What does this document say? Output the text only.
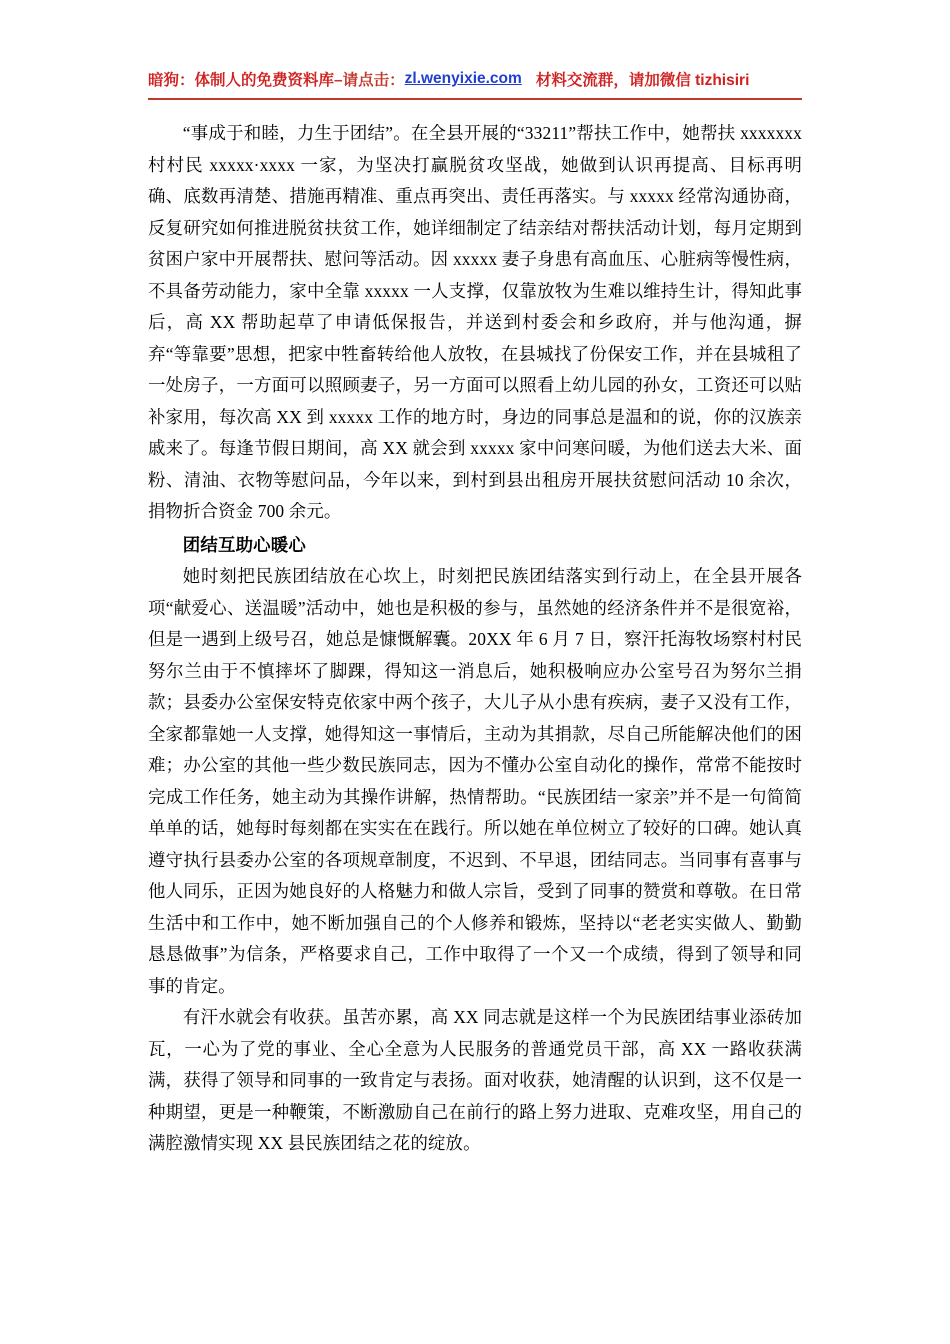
暗狗：体制人的免费资料库 –请点击： zl.wenyixie.com 材料交流群，请加微信 tizhisiri

“事成于和睦，力生于团结”。在全县开展的“33211”帮扶工作中，她帮扶 xxxxxxx 村村民 xxxxx·xxxx 一家，为坚决打赢脱贫攻坚战，她做到认识再提高、目标再明确、底数再清楚、措施再精准、重点再突出、责任再落实。与 xxxxx 经常沟通协商，反复研究如何推进脱贫扶贫工作，她详细制定了结亲结对帮扶活动计划，每月定期到贫困户家中开展帮扶、慰问等活动。因 xxxxx 妻子身患有高血压、心脏病等慢性病，不具备劳动能力，家中全靠 xxxxx 一人支撑，仅靠放牧为生难以维持生计，得知此事后，高 XX 帮助起草了申请低保报告，并送到村委会和乡政府，并与他沟通，摒弃“等靠要”思想，把家中牲畜转给他人放牧，在县城找了份保安工作，并在县城租了一处房子，一方面可以照顾妻子，另一方面可以照看上幼儿园的孙女，工资还可以贴补家用，每次高 XX 到 xxxxx 工作的地方时，身边的同事总是温和的说，你的汉族亲戚来了。每逢节假日期间，高 XX 就会到 xxxxx 家中问寒问暖，为他们送去大米、面粉、清油、衣物等慰问品，今年以来，到村到县出租房开展扶贫慰问活动 10 余次，捐物折合资金 700 余元。

团结互助心暖心

她时刻把民族团结放在心坎上，时刻把民族团结落实到行动上，在全县开展各项“献爱心、送温暖”活动中，她也是积极的参与，虽然她的经济条件并不是很宽裕，但是一遇到上级号召，她总是慷慨解囊。20XX 年 6 月 7 日，察汗托海牧场察村村民努尔兰由于不慎摔坏了脚踝，得知这一消息后，她积极响应办公室号召为努尔兰捐款；县委办公室保安特克依家中两个孩子，大儿子从小患有疾病，妻子又没有工作，全家都靠她一人支撑，她得知这一事情后，主动为其捐款，尽自己所能解决他们的困难；办公室的其他一些少数民族同志，因为不懂办公室自动化的操作，常常不能按时完成工作任务，她主动为其操作讲解，热情帮助。“民族团结一家亲”并不是一句简简单单的话，她每时每刻都在实实在在践行。所以她在单位树立了较好的口碑。她认真遵守执行县委办公室的各项规章制度，不迟到、不早退，团结同志。当同事有喜事与他人同乐，正因为她良好的人格魅力和做人宗旨，受到了同事的赞赏和尊敬。在日常生活中和工作中，她不断加强自己的个人修养和锻炼，坚持以“老老实实做人、勤勤恳恳做事”为信条，严格要求自己，工作中取得了一个又一个成绩，得到了领导和同事的肯定。

有汗水就会有收获。虽苦亦累，高 XX 同志就是这样一个为民族团结事业添砖加瓦，一心为了党的事业、全心全意为人民服务的普通党员干部，高 XX 一路收获满满，获得了领导和同事的一致肯定与表扬。面对收获，她清醒的认识到，这不仅是一种期望，更是一种鞭策，不断激励自己在前行的路上努力进取、克难攻坚，用自己的满腔激情实现 XX 县民族团结之花的绽放。
